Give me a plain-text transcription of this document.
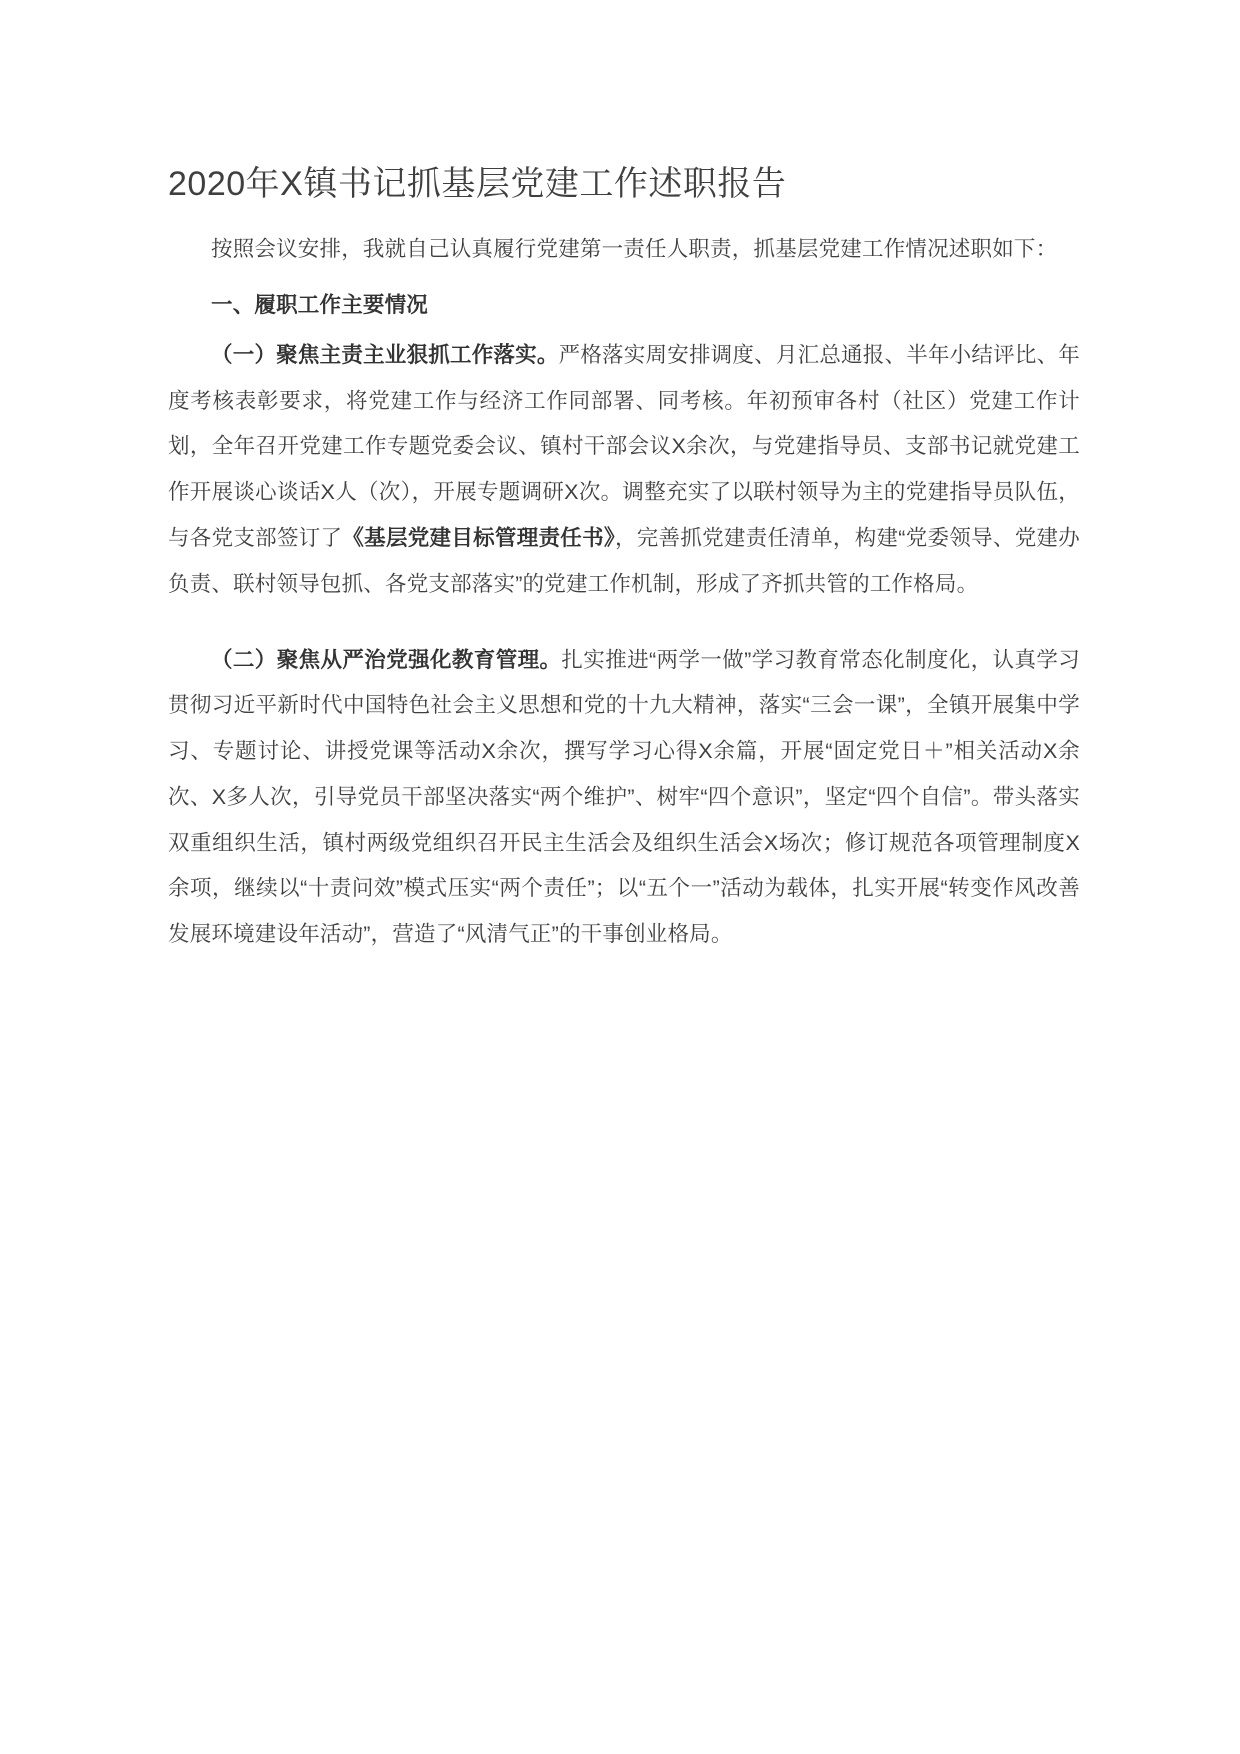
2020年X镇书记抓基层党建工作述职报告

按照会议安排，我就自己认真履行党建第一责任人职责，抓基层党建工作情况述职如下：

一、履职工作主要情况

（一）聚焦主责主业狠抓工作落实。严格落实周安排调度、月汇总通报、半年小结评比、年度考核表彰要求，将党建工作与经济工作同部署、同考核。年初预审各村（社区）党建工作计划，全年召开党建工作专题党委会议、镇村干部会议X余次，与党建指导员、支部书记就党建工作开展谈心谈话X人（次），开展专题调研X次。调整充实了以联村领导为主的党建指导员队伍，与各党支部签订了《基层党建目标管理责任书》，完善抓党建责任清单，构建“党委领导、党建办负责、联村领导包抓、各党支部落实”的党建工作机制，形成了齐抓共管的工作格局。

（二）聚焦从严治党强化教育管理。扎实推进“两学一做”学习教育常态化制度化，认真学习贯彻习近平新时代中国特色社会主义思想和党的十九大精神，落实“三会一课”，全镇开展集中学习、专题讨论、讲授党课等活动X余次，撰写学习心得X余篇，开展“固定党日＋”相关活动X余次、X多人次，引导党员干部坚决落实“两个维护”、树牢“四个意识”，坚定“四个自信”。带头落实双重组织生活，镇村两级党组织召开民主生活会及组织生活会X场次；修订规范各项管理制度X余项，继续以“十责问效”模式压实“两个责任”；以“五个一”活动为载体，扎实开展“转变作风改善发展环境建设年活动”，营造了“风清气正”的干事创业格局。
